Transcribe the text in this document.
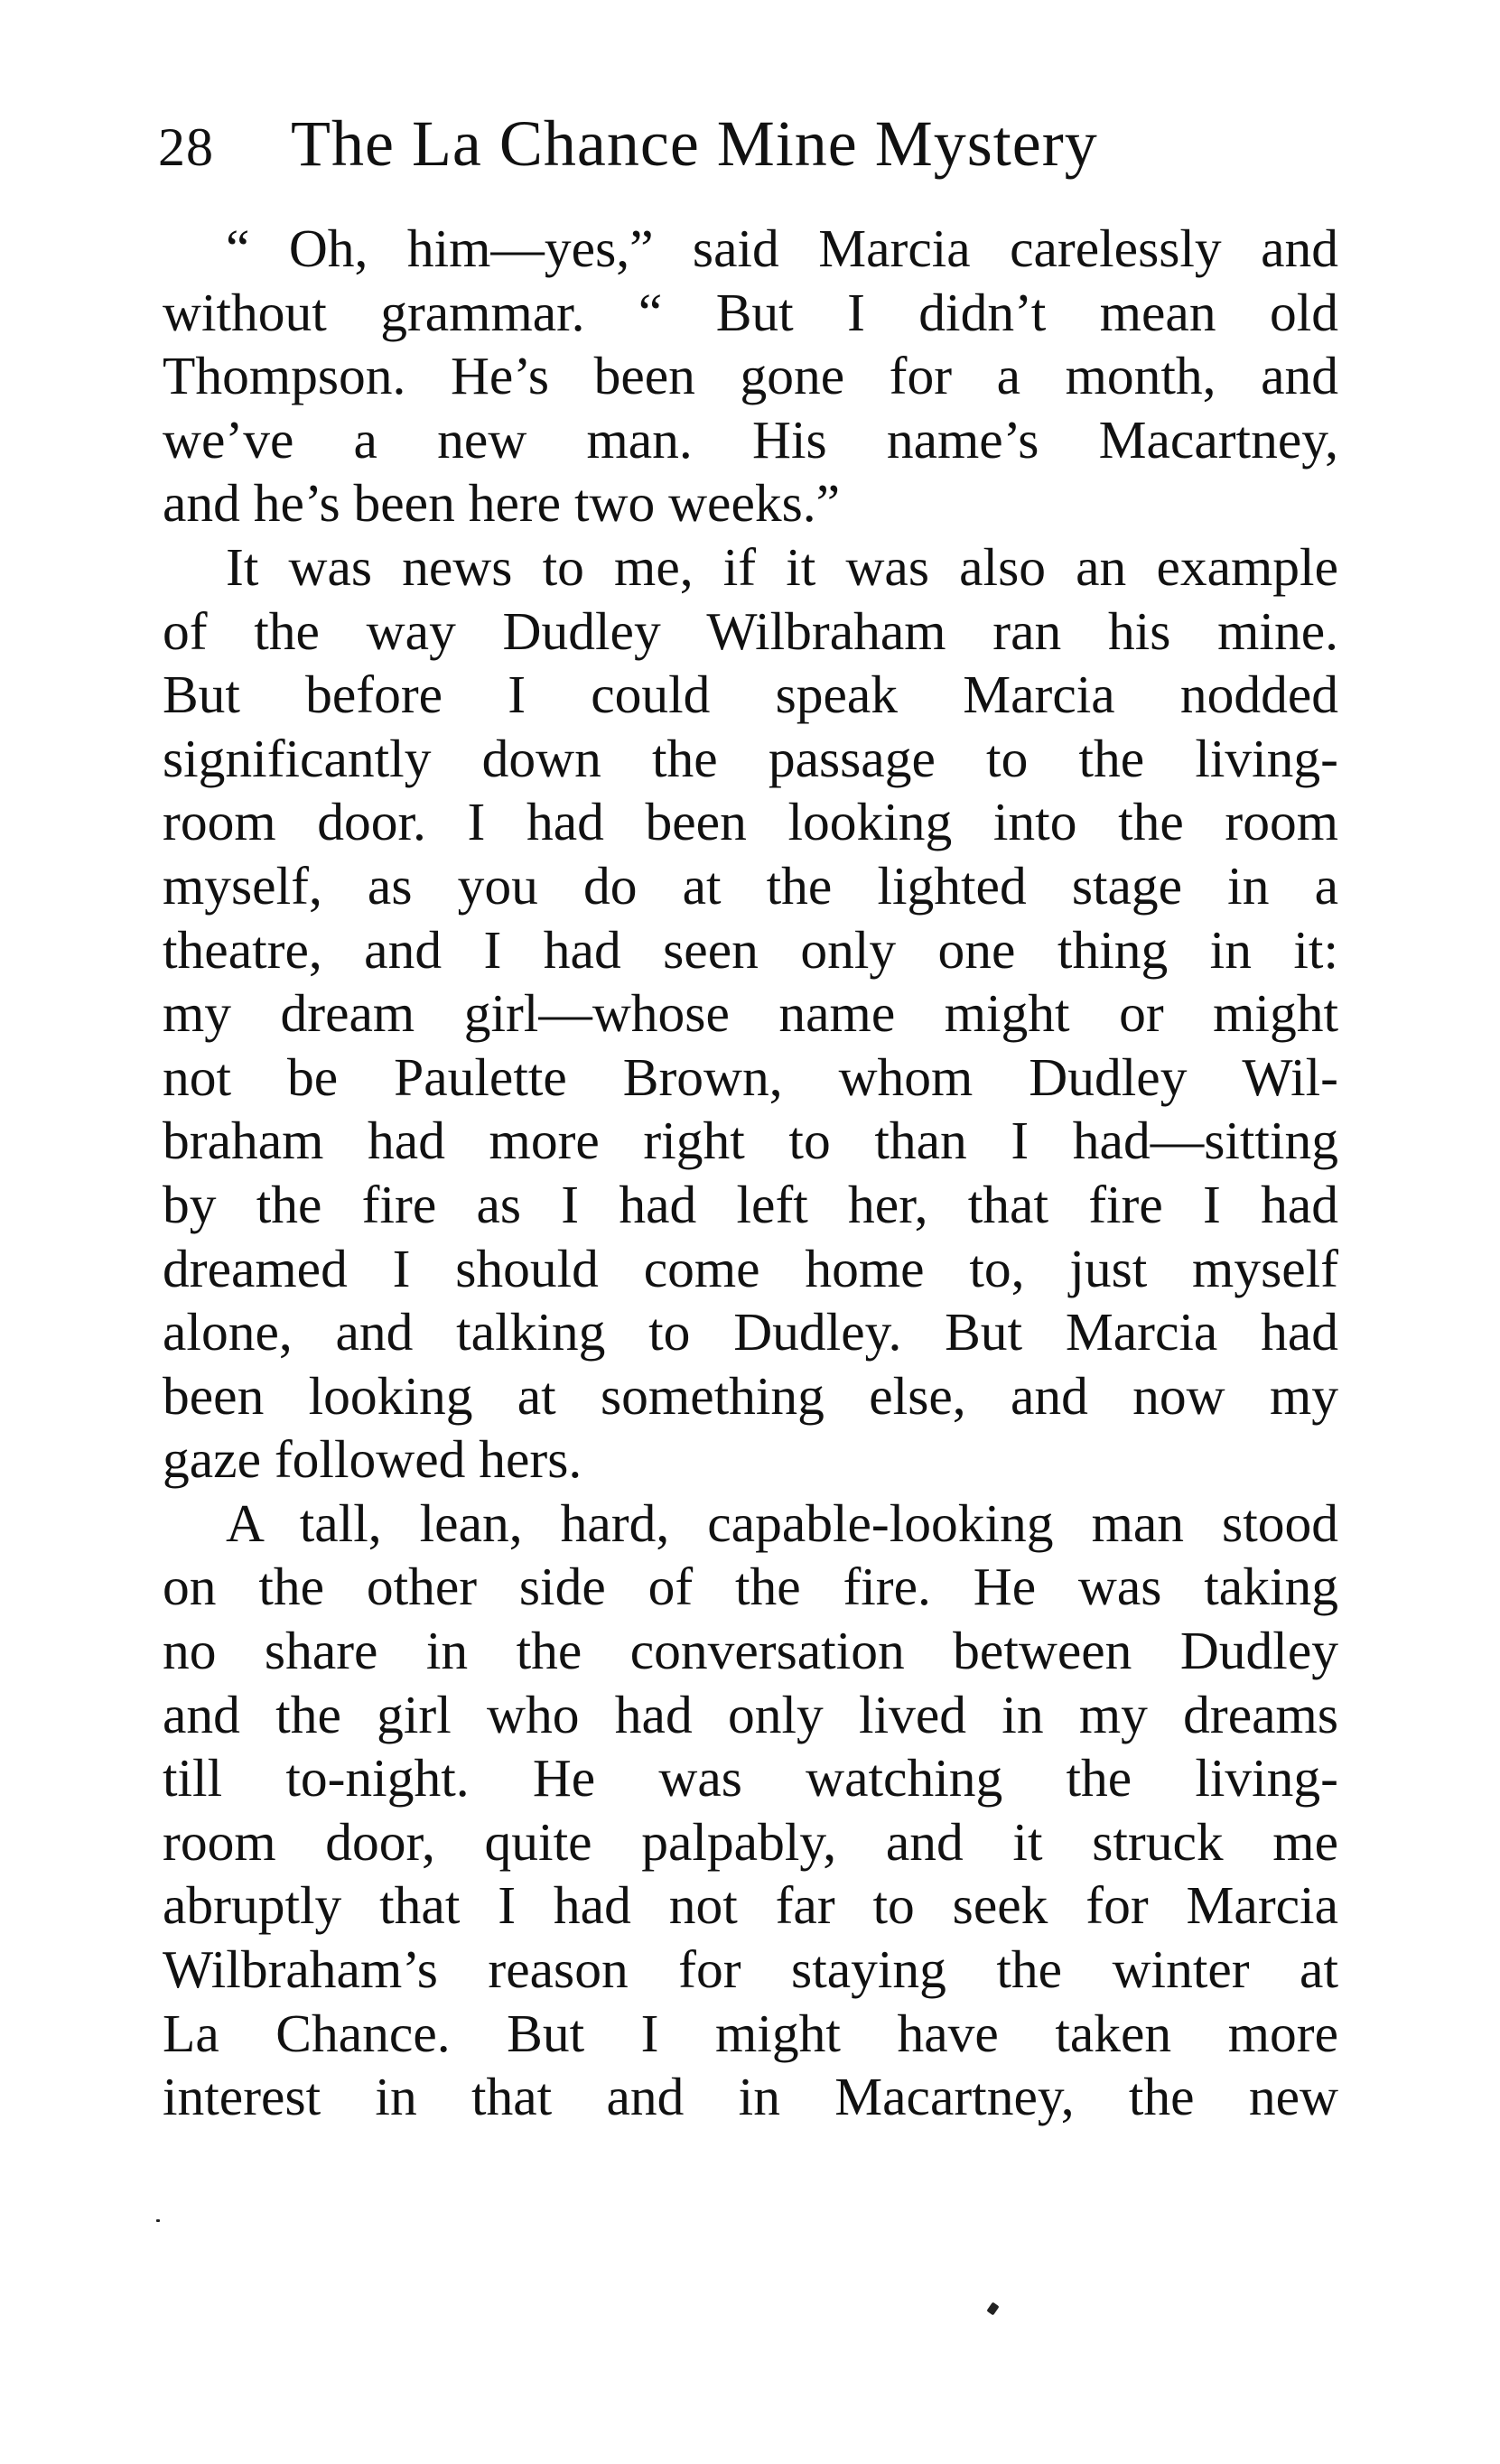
28 The La Chance Mine Mystery
“ Oh, him—yes,” said Marcia carelessly and
without grammar. “ But I didn’t mean old
Thompson. He’s been gone for a month, and
we’ve a new man. His name’s Macartney,
and he’s been here two weeks.”
It was news to me, if it was also an example
of the way Dudley Wilbraham ran his mine.
But before I could speak Marcia nodded
significantly down the passage to the living-
room door. I had been looking into the room
myself, as you do at the lighted stage in a
theatre, and I had seen only one thing in it:
my dream girl—whose name might or might
not be Paulette Brown, whom Dudley Wil-
braham had more right to than I had—sitting
by the fire as I had left her, that fire I had
dreamed I should come home to, just myself
alone, and talking to Dudley. But Marcia had
been looking at something else, and now my
gaze followed hers.
A tall, lean, hard, capable-looking man stood
on the other side of the fire. He was taking
no share in the conversation between Dudley
and the girl who had only lived in my dreams
till to-night. He was watching the living-
room door, quite palpably, and it struck me
abruptly that I had not far to seek for Marcia
Wilbraham’s reason for staying the winter at
La Chance. But I might have taken more
interest in that and in Macartney, the new
